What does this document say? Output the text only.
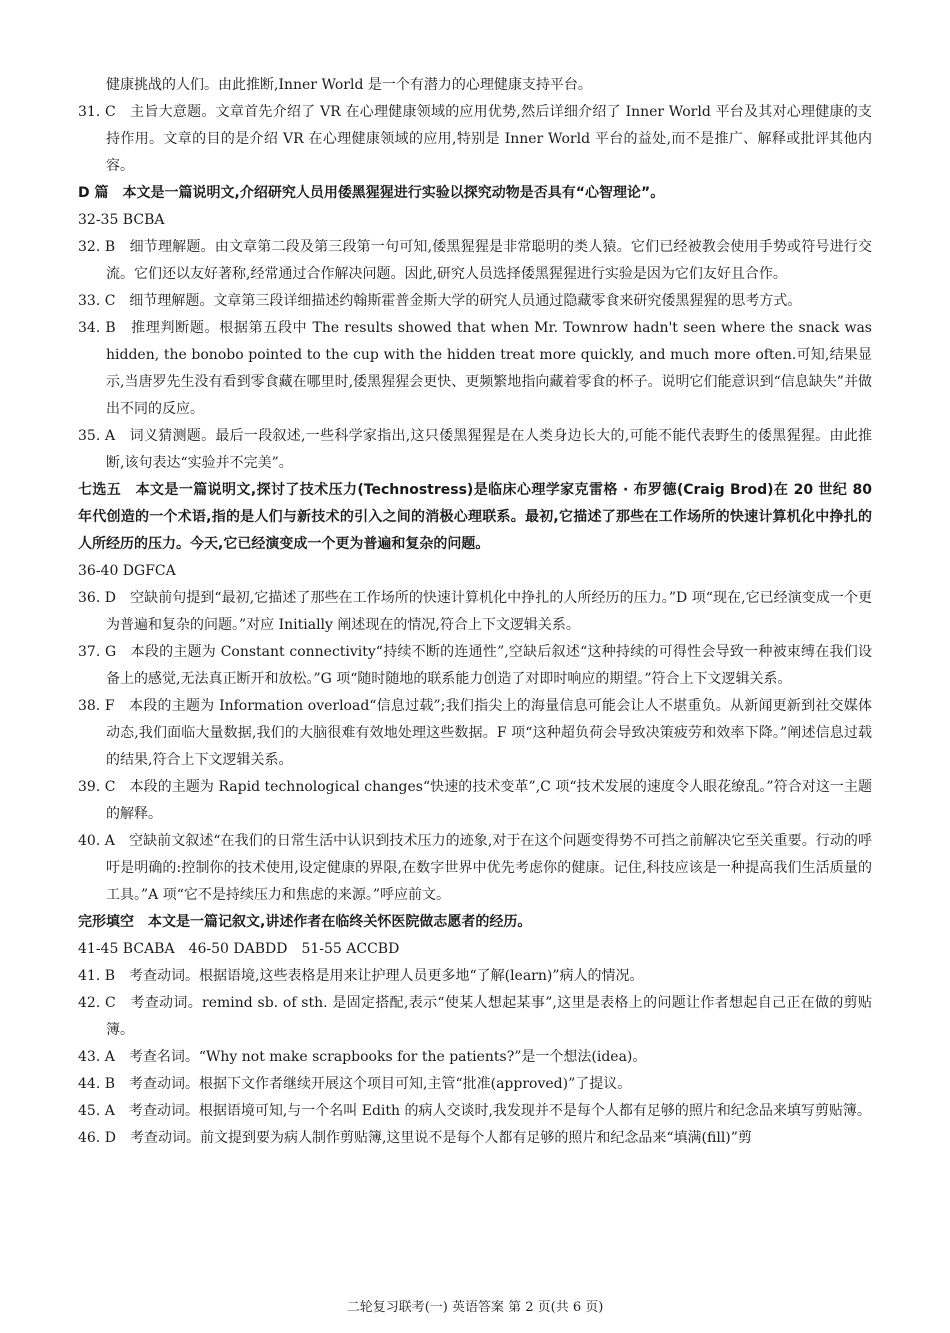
健康挑战的人们。由此推断,Inner World 是一个有潜力的心理健康支持平台。

31. C　主旨大意题。文章首先介绍了 VR 在心理健康领域的应用优势,然后详细介绍了 Inner World 平台及其对心理健康的支持作用。文章的目的是介绍 VR 在心理健康领域的应用,特别是 Inner World 平台的益处,而不是推广、解释或批评其他内容。

D 篇　本文是一篇说明文,介绍研究人员用倭黑猩猩进行实验以探究动物是否具有“心智理论”。

32-35 BCBA

32. B　细节理解题。由文章第二段及第三段第一句可知,倭黑猩猩是非常聪明的类人猿。它们已经被教会使用手势或符号进行交流。它们还以友好著称,经常通过合作解决问题。因此,研究人员选择倭黑猩猩进行实验是因为它们友好且合作。

33. C　细节理解题。文章第三段详细描述约翰斯霍普金斯大学的研究人员通过隐藏零食来研究倭黑猩猩的思考方式。

34. B　推理判断题。根据第五段中 The results showed that when Mr. Townrow hadn't seen where the snack was hidden, the bonobo pointed to the cup with the hidden treat more quickly, and much more often.可知,结果显示,当唐罗先生没有看到零食藏在哪里时,倭黑猩猩会更快、更频繁地指向藏着零食的杯子。说明它们能意识到“信息缺失”并做出不同的反应。

35. A　词义猜测题。最后一段叙述,一些科学家指出,这只倭黑猩猩是在人类身边长大的,可能不能代表野生的倭黑猩猩。由此推断,该句表达“实验并不完美”。

七选五　本文是一篇说明文,探讨了技术压力(Technostress)是临床心理学家克雷格 · 布罗德(Craig Brod)在 20 世纪 80 年代创造的一个术语,指的是人们与新技术的引入之间的消极心理联系。最初,它描述了那些在工作场所的快速计算机化中挣扎的人所经历的压力。今天,它已经演变成一个更为普遍和复杂的问题。

36-40 DGFCA

36. D　空缺前句提到“最初,它描述了那些在工作场所的快速计算机化中挣扎的人所经历的压力。”D 项“现在,它已经演变成一个更为普遍和复杂的问题。”对应 Initially 阐述现在的情况,符合上下文逻辑关系。

37. G　本段的主题为 Constant connectivity“持续不断的连通性”,空缺后叙述“这种持续的可得性会导致一种被束缚在我们设备上的感觉,无法真正断开和放松。”G 项“随时随地的联系能力创造了对即时响应的期望。”符合上下文逻辑关系。

38. F　本段的主题为 Information overload“信息过载”;我们指尖上的海量信息可能会让人不堪重负。从新闻更新到社交媒体动态,我们面临大量数据,我们的大脑很难有效地处理这些数据。F 项“这种超负荷会导致决策疲劳和效率下降。”阐述信息过载的结果,符合上下文逻辑关系。

39. C　本段的主题为 Rapid technological changes“快速的技术变革”,C 项“技术发展的速度令人眼花缭乱。”符合对这一主题的解释。

40. A　空缺前文叙述“在我们的日常生活中认识到技术压力的迹象,对于在这个问题变得势不可挡之前解决它至关重要。行动的呼吁是明确的:控制你的技术使用,设定健康的界限,在数字世界中优先考虑你的健康。记住,科技应该是一种提高我们生活质量的工具。”A 项“它不是持续压力和焦虑的来源。”呼应前文。

完形填空　本文是一篇记叙文,讲述作者在临终关怀医院做志愿者的经历。

41-45 BCABA　46-50 DABDD　51-55 ACCBD

41. B　考查动词。根据语境,这些表格是用来让护理人员更多地“了解(learn)”病人的情况。

42. C　考查动词。remind sb. of sth. 是固定搭配,表示“使某人想起某事”,这里是表格上的问题让作者想起自己正在做的剪贴簿。

43. A　考查名词。“Why not make scrapbooks for the patients?”是一个想法(idea)。

44. B　考查动词。根据下文作者继续开展这个项目可知,主管“批准(approved)”了提议。

45. A　考查动词。根据语境可知,与一个名叫 Edith 的病人交谈时,我发现并不是每个人都有足够的照片和纪念品来填写剪贴簿。

46. D　考查动词。前文提到要为病人制作剪贴簿,这里说不是每个人都有足够的照片和纪念品来“填满(fill)”剪

二轮复习联考(一) 英语答案 第 2 页(共 6 页)
